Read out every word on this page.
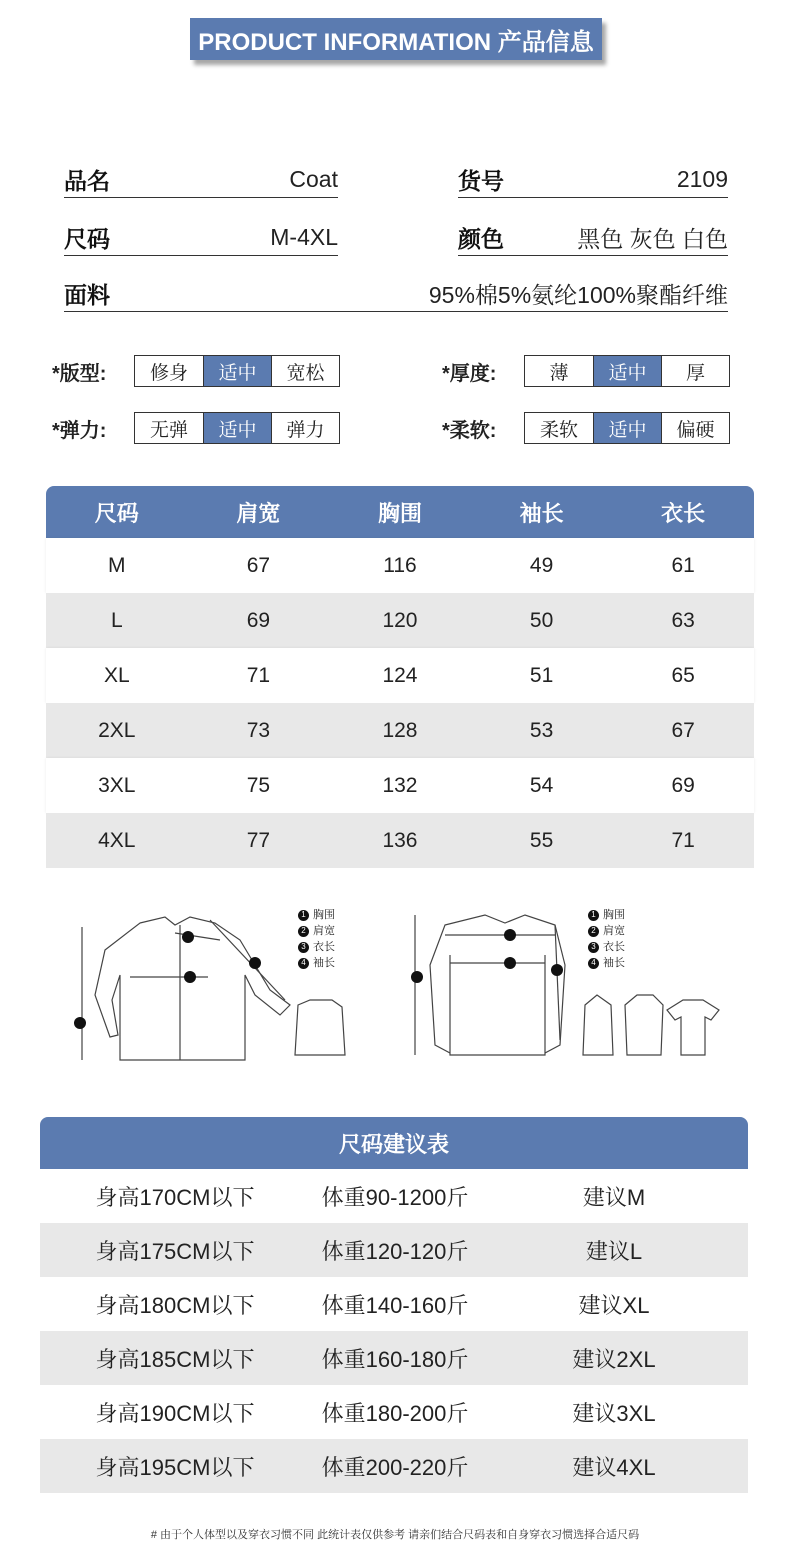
PRODUCT INFORMATION 产品信息
品名	Coat	货号	2109
尺码	M-4XL	颜色	黑色 灰色 白色
面料	95%棉5%氨纶100%聚酯纤维
*版型:	修身	适中	宽松	*厚度:	薄	适中	厚
*弹力:	无弹	适中	弹力	*柔软:	柔软	适中	偏硬
尺码	肩宽	胸围	袖长	衣长
M	67	116	49	61
L	69	120	50	63
XL	71	124	51	65
2XL	73	128	53	67
3XL	75	132	54	69
4XL	77	136	55	71
1 胸围
2 肩宽
3 衣长
4 袖长
1 胸围
2 肩宽
3 衣长
4 袖长
尺码建议表
身高170CM以下	体重90-1200斤	建议M
身高175CM以下	体重120-120斤	建议L
身高180CM以下	体重140-160斤	建议XL
身高185CM以下	体重160-180斤	建议2XL
身高190CM以下	体重180-200斤	建议3XL
身高195CM以下	体重200-220斤	建议4XL
# 由于个人体型以及穿衣习惯不同 此统计表仅供参考 请亲们结合尺码表和自身穿衣习惯选择合适尺码
